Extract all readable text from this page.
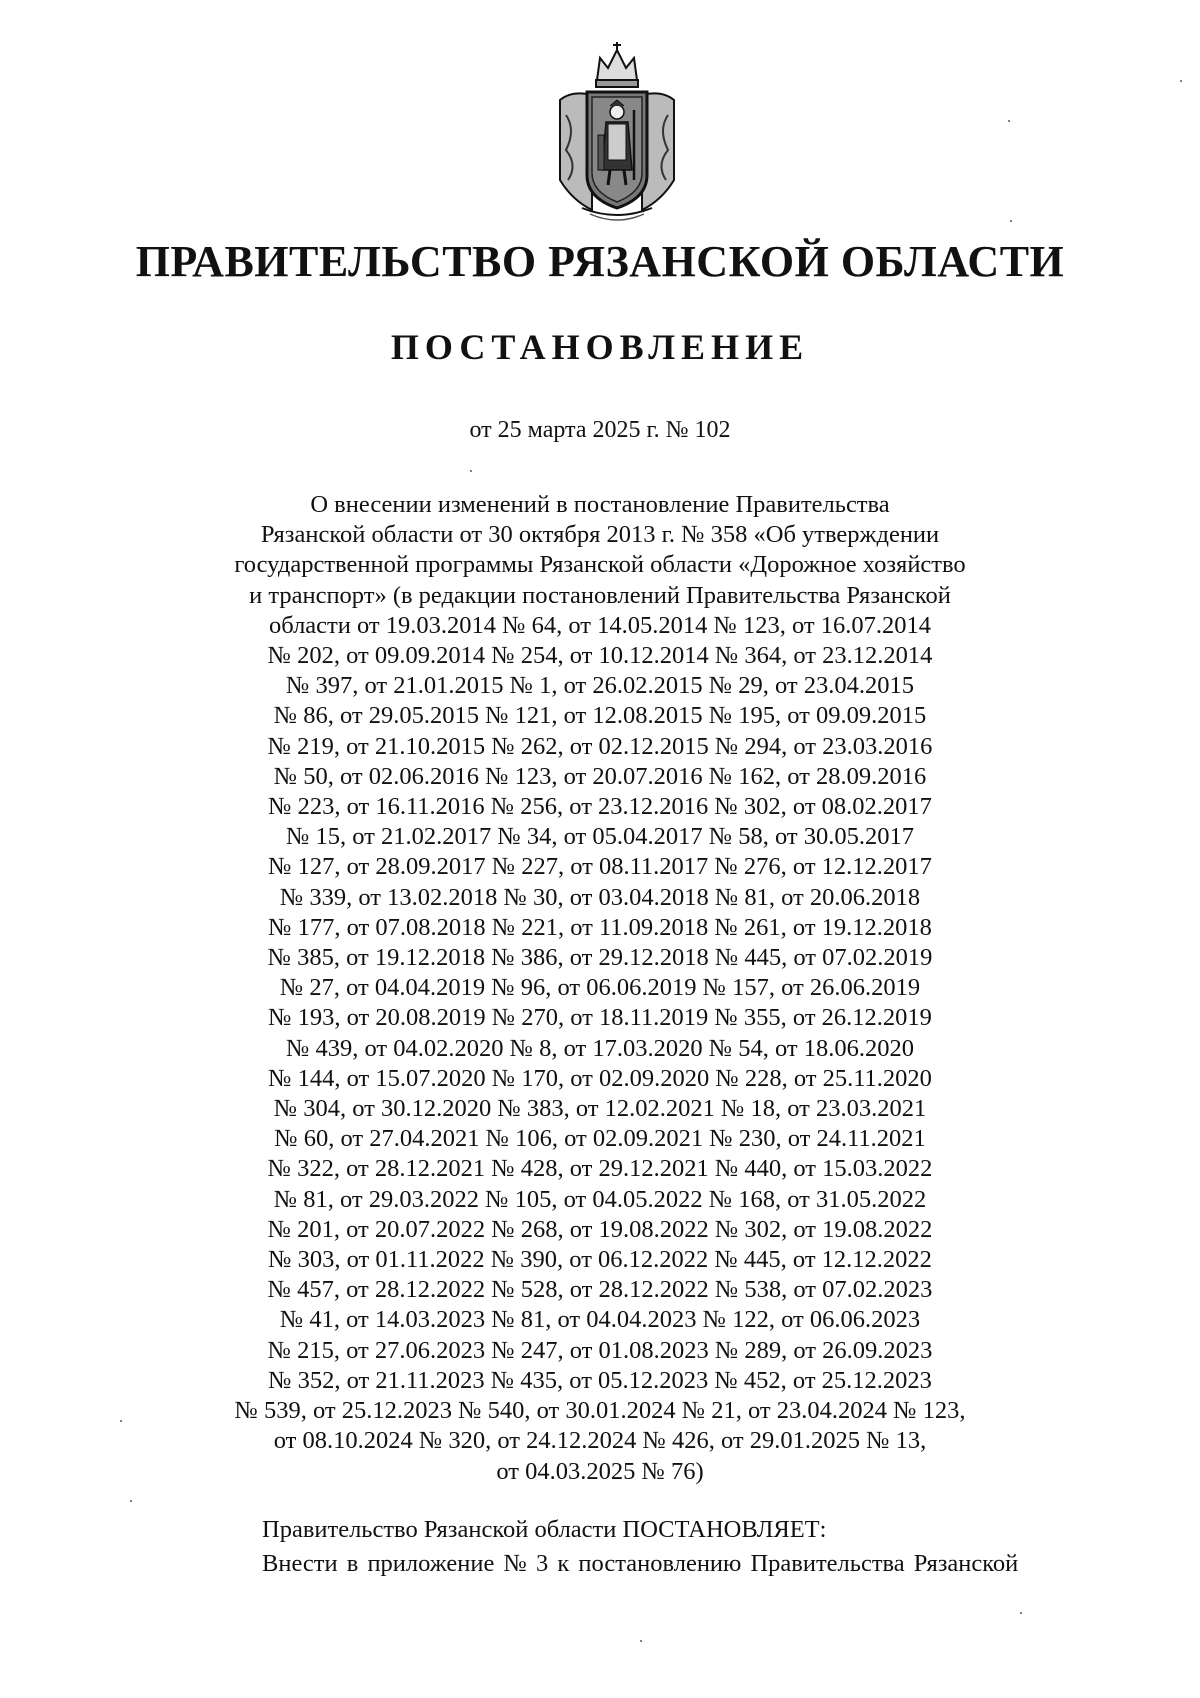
ПРАВИТЕЛЬСТВО РЯЗАНСКОЙ ОБЛАСТИ
ПОСТАНОВЛЕНИЕ
от 25 марта 2025 г. № 102
О внесении изменений в постановление Правительства
Рязанской области от 30 октября 2013 г. № 358 «Об утверждении
государственной программы Рязанской области «Дорожное хозяйство
и транспорт» (в редакции постановлений Правительства Рязанской
области от 19.03.2014 № 64, от 14.05.2014 № 123, от 16.07.2014
№ 202, от 09.09.2014 № 254, от 10.12.2014 № 364, от 23.12.2014
№ 397, от 21.01.2015 № 1, от 26.02.2015 № 29, от 23.04.2015
№ 86, от 29.05.2015 № 121, от 12.08.2015 № 195, от 09.09.2015
№ 219, от 21.10.2015 № 262, от 02.12.2015 № 294, от 23.03.2016
№ 50, от 02.06.2016 № 123, от 20.07.2016 № 162, от 28.09.2016
№ 223, от 16.11.2016 № 256, от 23.12.2016 № 302, от 08.02.2017
№ 15, от 21.02.2017 № 34, от 05.04.2017 № 58, от 30.05.2017
№ 127, от 28.09.2017 № 227, от 08.11.2017 № 276, от 12.12.2017
№ 339, от 13.02.2018 № 30, от 03.04.2018 № 81, от 20.06.2018
№ 177, от 07.08.2018 № 221, от 11.09.2018 № 261, от 19.12.2018
№ 385, от 19.12.2018 № 386, от 29.12.2018 № 445, от 07.02.2019
№ 27, от 04.04.2019 № 96, от 06.06.2019 № 157, от 26.06.2019
№ 193, от 20.08.2019 № 270, от 18.11.2019 № 355, от 26.12.2019
№ 439, от 04.02.2020 № 8, от 17.03.2020 № 54, от 18.06.2020
№ 144, от 15.07.2020 № 170, от 02.09.2020 № 228, от 25.11.2020
№ 304, от 30.12.2020 № 383, от 12.02.2021 № 18, от 23.03.2021
№ 60, от 27.04.2021 № 106, от 02.09.2021 № 230, от 24.11.2021
№ 322, от 28.12.2021 № 428, от 29.12.2021 № 440, от 15.03.2022
№ 81, от 29.03.2022 № 105, от 04.05.2022 № 168, от 31.05.2022
№ 201, от 20.07.2022 № 268, от 19.08.2022 № 302, от 19.08.2022
№ 303, от 01.11.2022 № 390, от 06.12.2022 № 445, от 12.12.2022
№ 457, от 28.12.2022 № 528, от 28.12.2022 № 538, от 07.02.2023
№ 41, от 14.03.2023 № 81, от 04.04.2023 № 122, от 06.06.2023
№ 215, от 27.06.2023 № 247, от 01.08.2023 № 289, от 26.09.2023
№ 352, от 21.11.2023 № 435, от 05.12.2023 № 452, от 25.12.2023
№ 539, от 25.12.2023 № 540, от 30.01.2024 № 21, от 23.04.2024 № 123,
от 08.10.2024 № 320, от 24.12.2024 № 426, от 29.01.2025 № 13,
от 04.03.2025 № 76)
Правительство Рязанской области ПОСТАНОВЛЯЕТ:
Внести в приложение № 3 к постановлению Правительства Рязанской
